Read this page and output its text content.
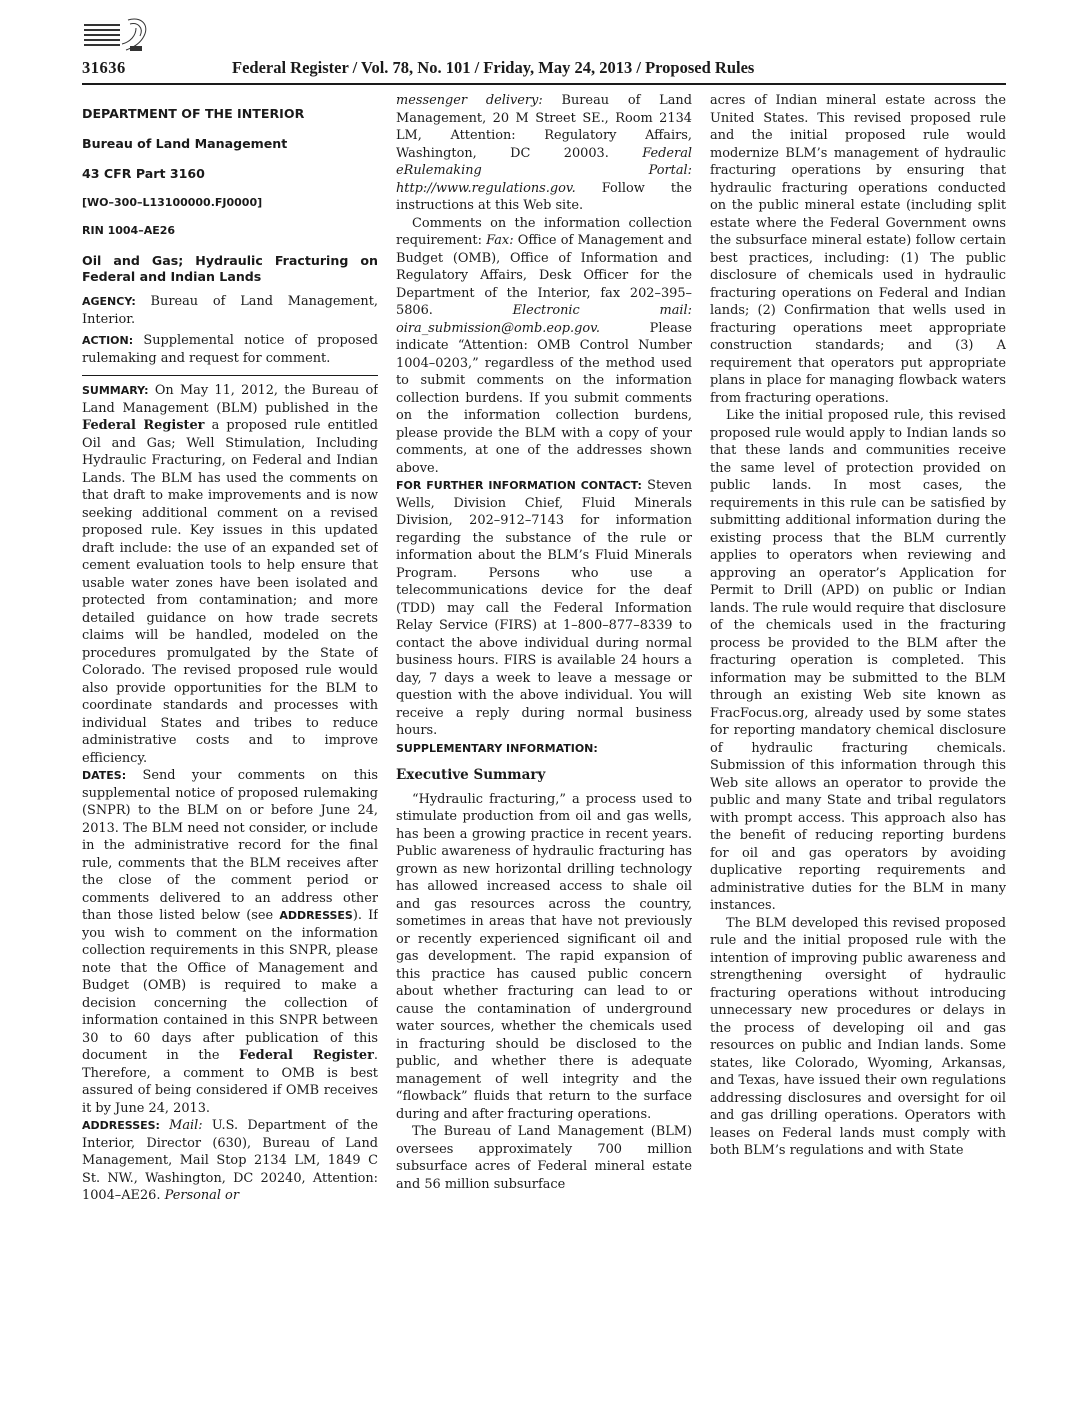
31636	Federal Register / Vol. 78, No. 101 / Friday, May 24, 2013 / Proposed Rules
DEPARTMENT OF THE INTERIOR
Bureau of Land Management
43 CFR Part 3160
[WO–300–L13100000.FJ0000]
RIN 1004–AE26
Oil and Gas; Hydraulic Fracturing on Federal and Indian Lands

AGENCY: Bureau of Land Management, Interior.

ACTION: Supplemental notice of proposed rulemaking and request for comment.

SUMMARY: On May 11, 2012, the Bureau of Land Management (BLM) published in the Federal Register a proposed rule entitled Oil and Gas; Well Stimulation, Including Hydraulic Fracturing, on Federal and Indian Lands. The BLM has used the comments on that draft to make improvements and is now seeking additional comment on a revised proposed rule. Key issues in this updated draft include: the use of an expanded set of cement evaluation tools to help ensure that usable water zones have been isolated and protected from contamination; and more detailed guidance on how trade secrets claims will be handled, modeled on the procedures promulgated by the State of Colorado. The revised proposed rule would also provide opportunities for the BLM to coordinate standards and processes with individual States and tribes to reduce administrative costs and to improve efficiency.

DATES: Send your comments on this supplemental notice of proposed rulemaking (SNPR) to the BLM on or before June 24, 2013. The BLM need not consider, or include in the administrative record for the final rule, comments that the BLM receives after the close of the comment period or comments delivered to an address other than those listed below (see ADDRESSES). If you wish to comment on the information collection requirements in this SNPR, please note that the Office of Management and Budget (OMB) is required to make a decision concerning the collection of information contained in this SNPR between 30 to 60 days after publication of this document in the Federal Register. Therefore, a comment to OMB is best assured of being considered if OMB receives it by June 24, 2013.

ADDRESSES: Mail: U.S. Department of the Interior, Director (630), Bureau of Land Management, Mail Stop 2134 LM, 1849 C St. NW., Washington, DC 20240, Attention: 1004–AE26. Personal or

messenger delivery: Bureau of Land Management, 20 M Street SE., Room 2134 LM, Attention: Regulatory Affairs, Washington, DC 20003.	Federal eRulemaking Portal: http://www.regulations.gov. Follow the instructions at this Web site.

Comments on the information collection requirement: Fax: Office of Management and Budget (OMB), Office of Information and Regulatory Affairs, Desk Officer for the Department of the Interior, fax 202–395–5806.	Electronic mail: oira_submission@omb.eop.gov.	Please indicate “Attention: OMB Control Number 1004–0203,” regardless of the method used to submit comments on the information collection burdens. If you submit comments on the information collection burdens, please provide the BLM with a copy of your comments, at one of the addresses shown above.

FOR FURTHER INFORMATION CONTACT: Steven Wells, Division Chief, Fluid Minerals Division, 202–912–7143 for information regarding the substance of the rule or information about the BLM’s Fluid Minerals Program. Persons who use a telecommunications device for the deaf (TDD) may call the Federal Information Relay Service (FIRS) at 1–800–877–8339 to contact the above individual during normal business hours. FIRS is available 24 hours a day, 7 days a week to leave a message or question with the above individual. You will receive a reply during normal business hours.

SUPPLEMENTARY INFORMATION:

Executive Summary

“Hydraulic fracturing,” a process used to stimulate production from oil and gas wells, has been a growing practice in recent years. Public awareness of hydraulic fracturing has grown as new horizontal drilling technology has allowed increased access to shale oil and gas resources across the country, sometimes in areas that have not previously or recently experienced significant oil and gas development. The rapid expansion of this practice has caused public concern about whether fracturing can lead to or cause the contamination of underground water sources, whether the chemicals used in fracturing should be disclosed to the public, and whether there is adequate management of well integrity and the “flowback” fluids that return to the surface during and after fracturing operations.

The Bureau of Land Management (BLM) oversees approximately 700 million subsurface acres of Federal mineral estate and 56 million subsurface

acres of Indian mineral estate across the United States. This revised proposed rule and the initial proposed rule would modernize BLM’s management of hydraulic fracturing operations by ensuring that hydraulic fracturing operations conducted on the public mineral estate (including split estate where the Federal Government owns the subsurface mineral estate) follow certain best practices, including: (1) The public disclosure of chemicals used in hydraulic fracturing operations on Federal and Indian lands; (2) Confirmation that wells used in fracturing operations meet appropriate construction standards; and (3) A requirement that operators put appropriate plans in place for managing flowback waters from fracturing operations.

Like the initial proposed rule, this revised proposed rule would apply to Indian lands so that these lands and communities receive the same level of protection provided on public lands. In most cases, the requirements in this rule can be satisfied by submitting additional information during the existing process that the BLM currently applies to operators when reviewing and approving an operator’s Application for Permit to Drill (APD) on public or Indian lands. The rule would require that disclosure of the chemicals used in the fracturing process be provided to the BLM after the fracturing operation is completed. This information may be submitted to the BLM through an existing Web site known as FracFocus.org, already used by some states for reporting mandatory chemical disclosure of hydraulic fracturing chemicals. Submission of this information through this Web site allows an operator to provide the public and many State and tribal regulators with prompt access. This approach also has the benefit of reducing reporting burdens for oil and gas operators by avoiding duplicative reporting requirements and administrative duties for the BLM in many instances.

The BLM developed this revised proposed rule and the initial proposed rule with the intention of improving public awareness and strengthening oversight of hydraulic fracturing operations without introducing unnecessary new procedures or delays in the process of developing oil and gas resources on public and Indian lands. Some states, like Colorado, Wyoming, Arkansas, and Texas, have issued their own regulations addressing disclosures and oversight for oil and gas drilling operations. Operators with leases on Federal lands must comply with both BLM’s regulations and with State
